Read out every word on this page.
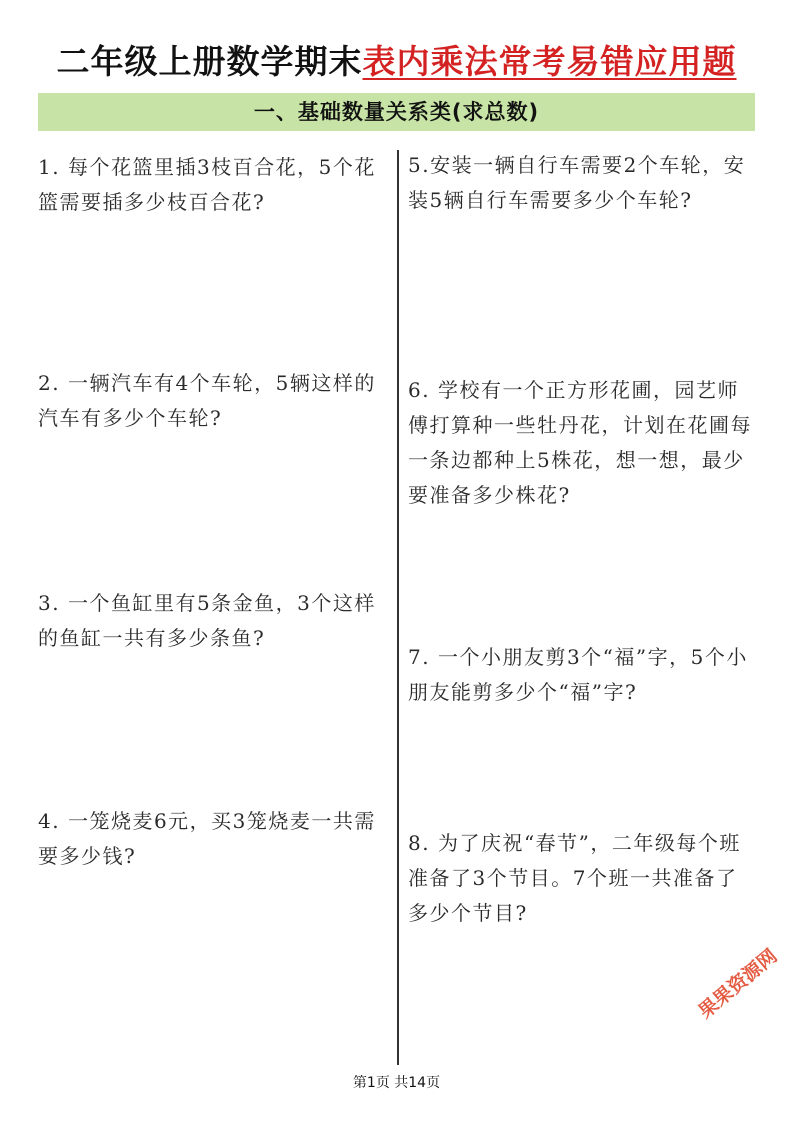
二年级上册数学期末表内乘法常考易错应用题
一、基础数量关系类(求总数)
1. 每个花篮里插3枝百合花，5个花篮需要插多少枝百合花?
2. 一辆汽车有4个车轮，5辆这样的汽车有多少个车轮?
3. 一个鱼缸里有5条金鱼，3个这样的鱼缸一共有多少条鱼?
4. 一笼烧麦6元，买3笼烧麦一共需要多少钱?
5.安装一辆自行车需要2个车轮，安装5辆自行车需要多少个车轮?
6. 学校有一个正方形花圃，园艺师傅打算种一些牡丹花，计划在花圃每一条边都种上5株花，想一想，最少要准备多少株花?
7. 一个小朋友剪3个“福”字，5个小朋友能剪多少个“福”字?
8. 为了庆祝“春节”，二年级每个班准备了3个节目。7个班一共准备了多少个节目?
果果资源网
第1页 共14页
